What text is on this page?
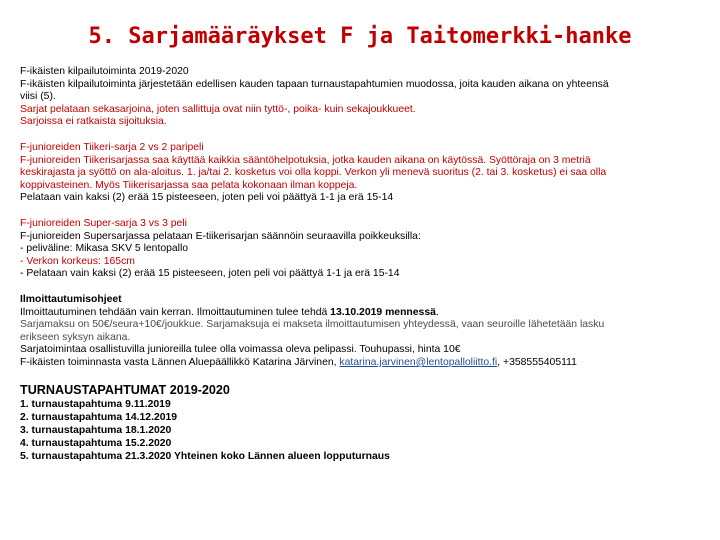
5. Sarjamääräykset F ja Taitomerkki-hanke
F-ikäisten kilpailutoiminta 2019-2020
F-ikäisten kilpailutoiminta järjestetään edellisen kauden tapaan turnaustapahtumien muodossa, joita kauden aikana on yhteensä
viisi (5).
Sarjat pelataan sekasarjoina, joten sallittuja ovat niin tyttö-, poika- kuin sekajoukkueet.
Sarjoissa ei ratkaista sijoituksia.
F-junioreiden Tiikeri-sarja 2 vs 2 paripeli
F-junioreiden Tiikerisarjassa saa käyttää kaikkia sääntöhelpotuksia, jotka kauden aikana on käytössä. Syöttöraja on 3 metriä
keskirajasta ja syöttö on ala-aloitus. 1. ja/tai 2. kosketus voi olla koppi. Verkon yli menevä suoritus (2. tai 3. kosketus) ei saa olla
koppivasteinen. Myös Tiikerisarjassa saa pelata kokonaan ilman koppeja.
Pelataan vain kaksi (2) erää 15 pisteeseen, joten peli voi päättyä 1-1 ja erä 15-14
F-junioreiden Super-sarja 3 vs 3 peli
F-junioreiden Supersarjassa pelataan E-tiikerisarjan säännöin seuraavilla poikkeuksilla:
- peliväline: Mikasa SKV 5 lentopallo
- Verkon korkeus: 165cm
- Pelataan vain kaksi (2) erää 15 pisteeseen, joten peli voi päättyä 1-1 ja erä 15-14
Ilmoittautumisohjeet
Ilmoittautuminen tehdään vain kerran. Ilmoittautuminen tulee tehdä 13.10.2019 mennessä.
Sarjamaksu on 50€/seura+10€/joukkue. Sarjamaksuja ei makseta ilmoittautumisen yhteydessä, vaan seuroille lähetetään lasku
erikseen syksyn aikana.
Sarjatoimintaa osallistuvilla junioreilla tulee olla voimassa oleva pelipassi. Touhupassi, hinta 10€
F-ikäisten toiminnasta vasta Lännen Aluepäällikkö Katarina Järvinen, katarina.jarvinen@lentopalloliitto.fi, +358555405111
TURNAUSTAPAHTUMAT 2019-2020
1. turnaustapahtuma 9.11.2019
2. turnaustapahtuma 14.12.2019
3. turnaustapahtuma 18.1.2020
4. turnaustapahtuma 15.2.2020
5. turnaustapahtuma 21.3.2020 Yhteinen koko Lännen alueen lopputurnaus
